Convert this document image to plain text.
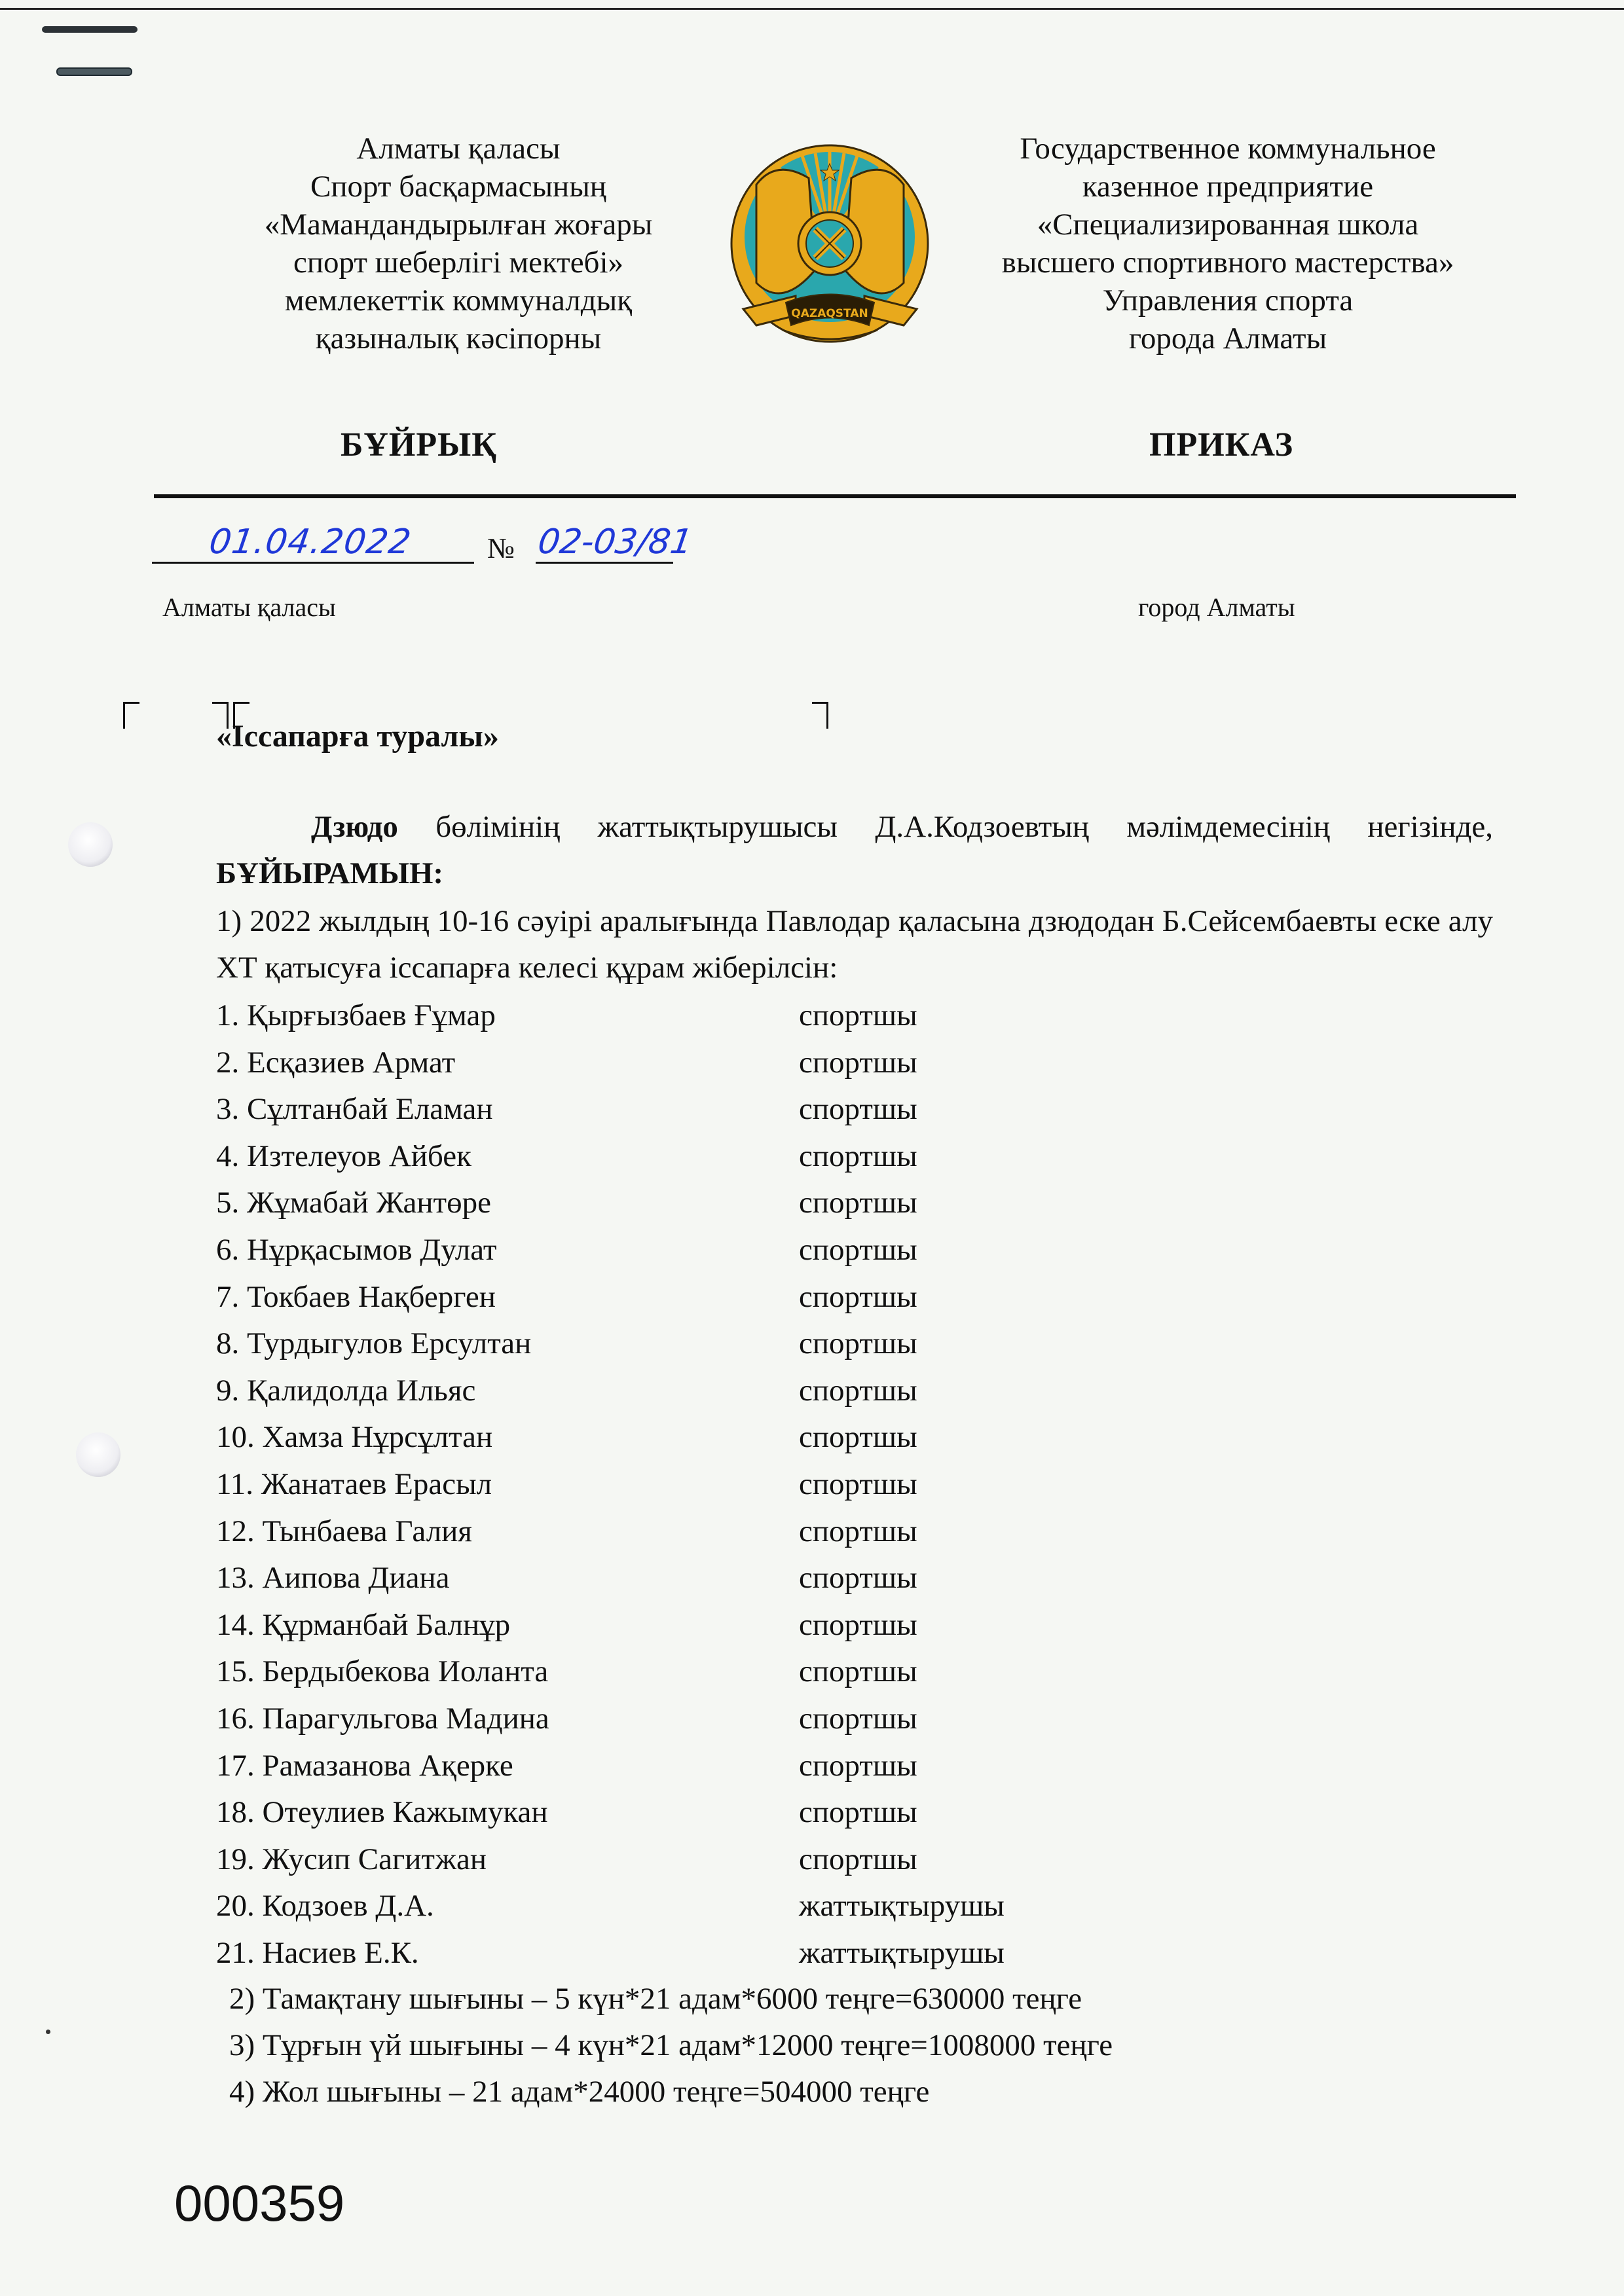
Алматы қаласы
Спорт басқармасының
«Мамандандырылған жоғары
спорт шеберлігі мектебі»
мемлекеттік коммуналдық
қазыналық кәсіпорны
QAZAQSTAN
Государственное коммунальное
казенное предприятие
«Специализированная школа
высшего спортивного мастерства»
Управления спорта
города Алматы
БҰЙРЫҚ	ПРИКАЗ
01.04.2022	№ 02-03/81
Алматы қаласы	город Алматы
«Іссапарға туралы»
Дзюдо бөлімінің жаттықтырушысы Д.А.Кодзоевтың мәлімдемесінің негізінде, БҰЙЫРАМЫН:
1) 2022 жылдың 10-16 сәуірі аралығында Павлодар қаласына дзюдодан Б.Сейсембаевты еске алу ХТ қатысуға іссапарға келесі құрам жіберілсін:
1. Қырғызбаев Ғұмар	спортшы
2. Есқазиев Армат	спортшы
3. Сұлтанбай Еламан	спортшы
4. Изтелеуов Айбек	спортшы
5. Жұмабай Жантөре	спортшы
6. Нұрқасымов Дулат	спортшы
7. Токбаев Нақберген	спортшы
8. Турдыгулов Ерсултан	спортшы
9. Қалидолда Ильяс	спортшы
10. Хамза Нұрсұлтан	спортшы
11. Жанатаев Ерасыл	спортшы
12. Тынбаева Галия	спортшы
13. Аипова Диана	спортшы
14. Құрманбай Балнұр	спортшы
15. Бердыбекова Иоланта	спортшы
16. Парагульгова Мадина	спортшы
17. Рамазанова Ақерке	спортшы
18. Отеулиев Кажымукан	спортшы
19. Жусип Сагитжан	спортшы
20. Кодзоев Д.А.	жаттықтырушы
21. Насиев Е.К.	жаттықтырушы
2) Тамақтану шығыны – 5 күн*21 адам*6000 теңге=630000 теңге
3) Тұрғын үй шығыны – 4 күн*21 адам*12000 теңге=1008000 теңге
4) Жол шығыны – 21 адам*24000 теңге=504000 теңге
000359
